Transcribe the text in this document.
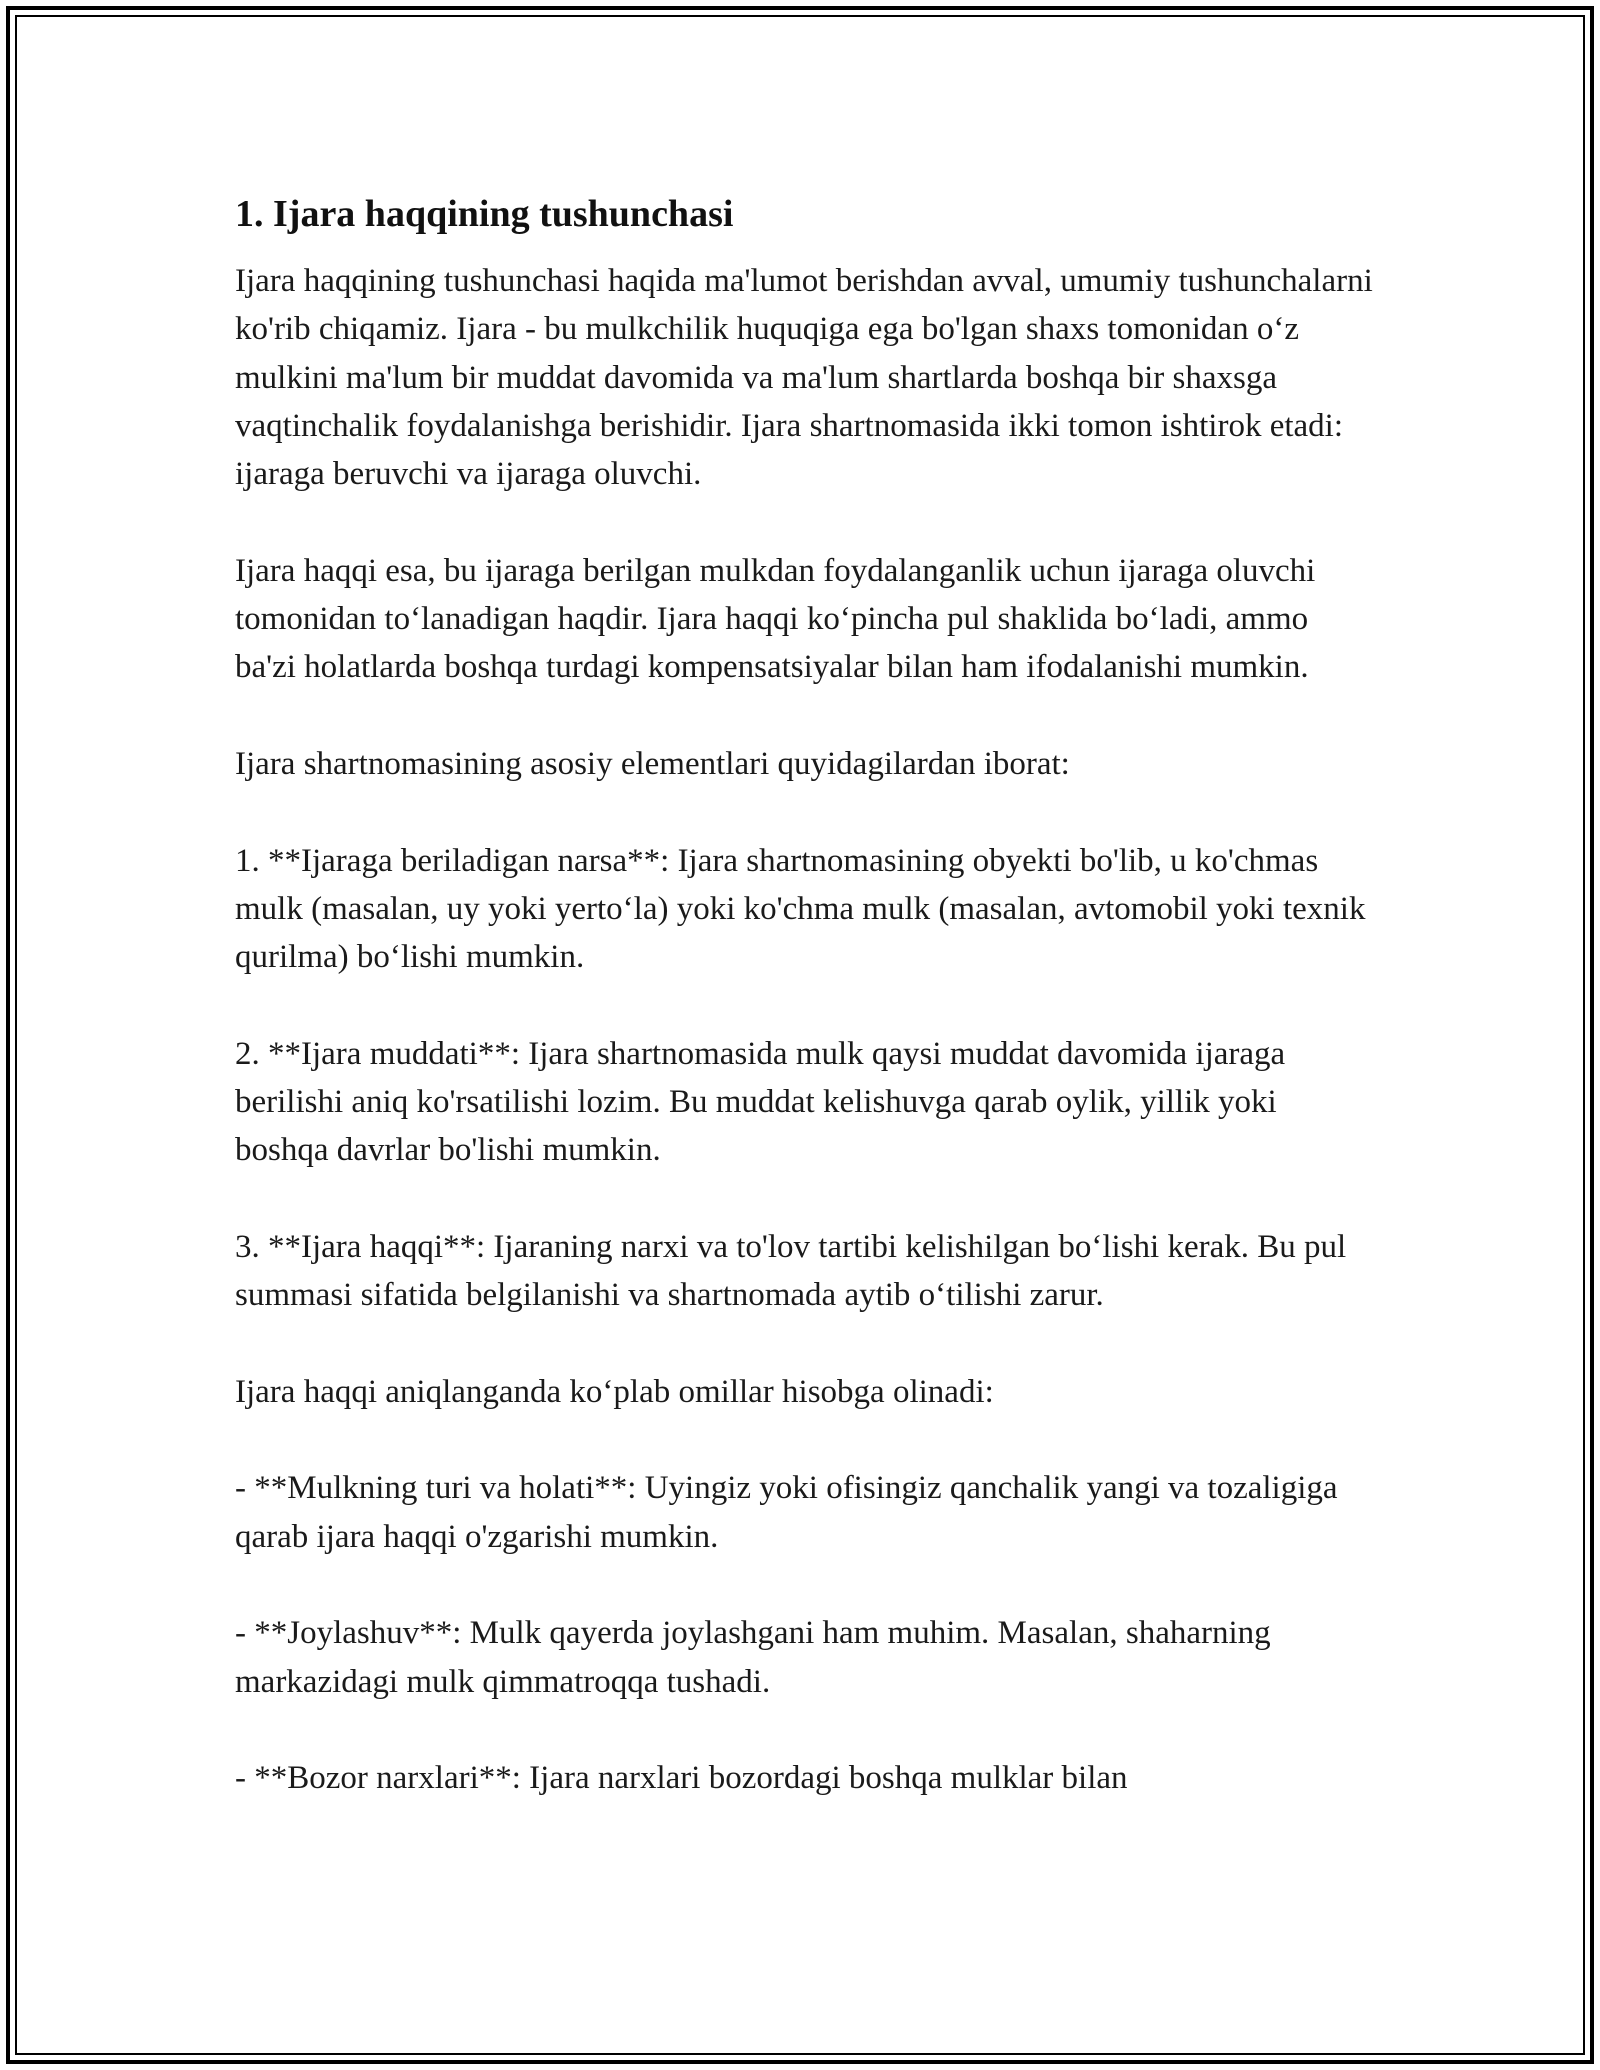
1. Ijara haqqining tushunchasi

Ijara haqqining tushunchasi haqida ma'lumot berishdan avval, umumiy tushunchalarni ko'rib chiqamiz. Ijara - bu mulkchilik huquqiga ega bo'lgan shaxs tomonidan o‘z mulkini ma'lum bir muddat davomida va ma'lum shartlarda boshqa bir shaxsga vaqtinchalik foydalanishga berishidir. Ijara shartnomasida ikki tomon ishtirok etadi: ijaraga beruvchi va ijaraga oluvchi.

Ijara haqqi esa, bu ijaraga berilgan mulkdan foydalanganlik uchun ijaraga oluvchi tomonidan to‘lanadigan haqdir. Ijara haqqi ko‘pincha pul shaklida bo‘ladi, ammo ba'zi holatlarda boshqa turdagi kompensatsiyalar bilan ham ifodalanishi mumkin.

Ijara shartnomasining asosiy elementlari quyidagilardan iborat:

1. **Ijaraga beriladigan narsa**: Ijara shartnomasining obyekti bo'lib, u ko'chmas mulk (masalan, uy yoki yerto‘la) yoki ko'chma mulk (masalan, avtomobil yoki texnik qurilma) bo‘lishi mumkin.

2. **Ijara muddati**: Ijara shartnomasida mulk qaysi muddat davomida ijaraga berilishi aniq ko'rsatilishi lozim. Bu muddat kelishuvga qarab oylik, yillik yoki boshqa davrlar bo'lishi mumkin.

3. **Ijara haqqi**: Ijaraning narxi va to'lov tartibi kelishilgan bo‘lishi kerak. Bu pul summasi sifatida belgilanishi va shartnomada aytib o‘tilishi zarur.

Ijara haqqi aniqlanganda ko‘plab omillar hisobga olinadi:

- **Mulkning turi va holati**: Uyingiz yoki ofisingiz qanchalik yangi va tozaligiga qarab ijara haqqi o'zgarishi mumkin.

- **Joylashuv**: Mulk qayerda joylashgani ham muhim. Masalan, shaharning markazidagi mulk qimmatroqqa tushadi.

- **Bozor narxlari**: Ijara narxlari bozordagi boshqa mulklar bilan
